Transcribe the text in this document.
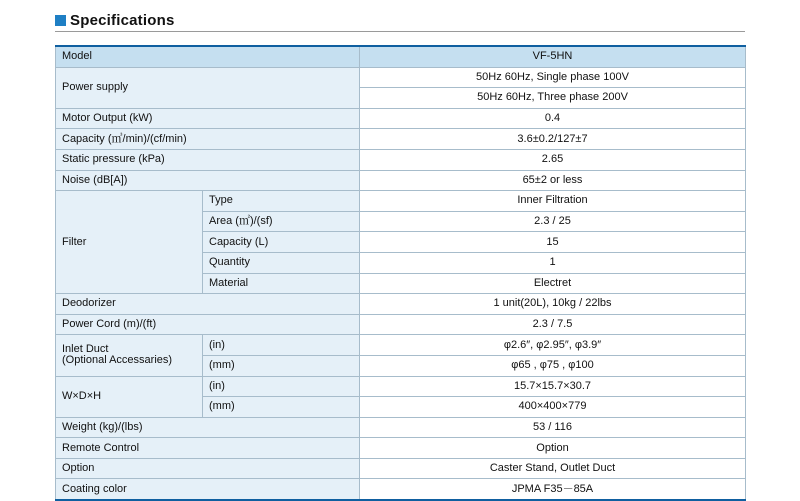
Specifications
Model		VF-5HN
Power supply		50Hz 60Hz, Single phase 100V
		50Hz 60Hz, Three phase 200V
Motor Output (kW)		0.4
Capacity (㎥/min)/(cf/min)		3.6±0.2/127±7
Static pressure (kPa)		2.65
Noise (dB[A])		65±2 or less
Filter	Type	Inner Filtration
	Area (㎡)/(sf)	2.3 / 25
	Capacity (L)	15
	Quantity	1
	Material	Electret
Deodorizer		1 unit(20L), 10kg / 22lbs
Power Cord (m)/(ft)		2.3 / 7.5

Inlet Duct
(Optional Accessaries)	(in)	φ2.6″, φ2.95″, φ3.9″
	(mm)	φ65 , φ75 , φ100
W×D×H	(in)	15.7×15.7×30.7
	(mm)	400×400×779
Weight (kg)/(lbs)		53 / 116
Remote Control		Option
Option		Caster Stand, Outlet Duct
Coating color		JPMA F35－85A
